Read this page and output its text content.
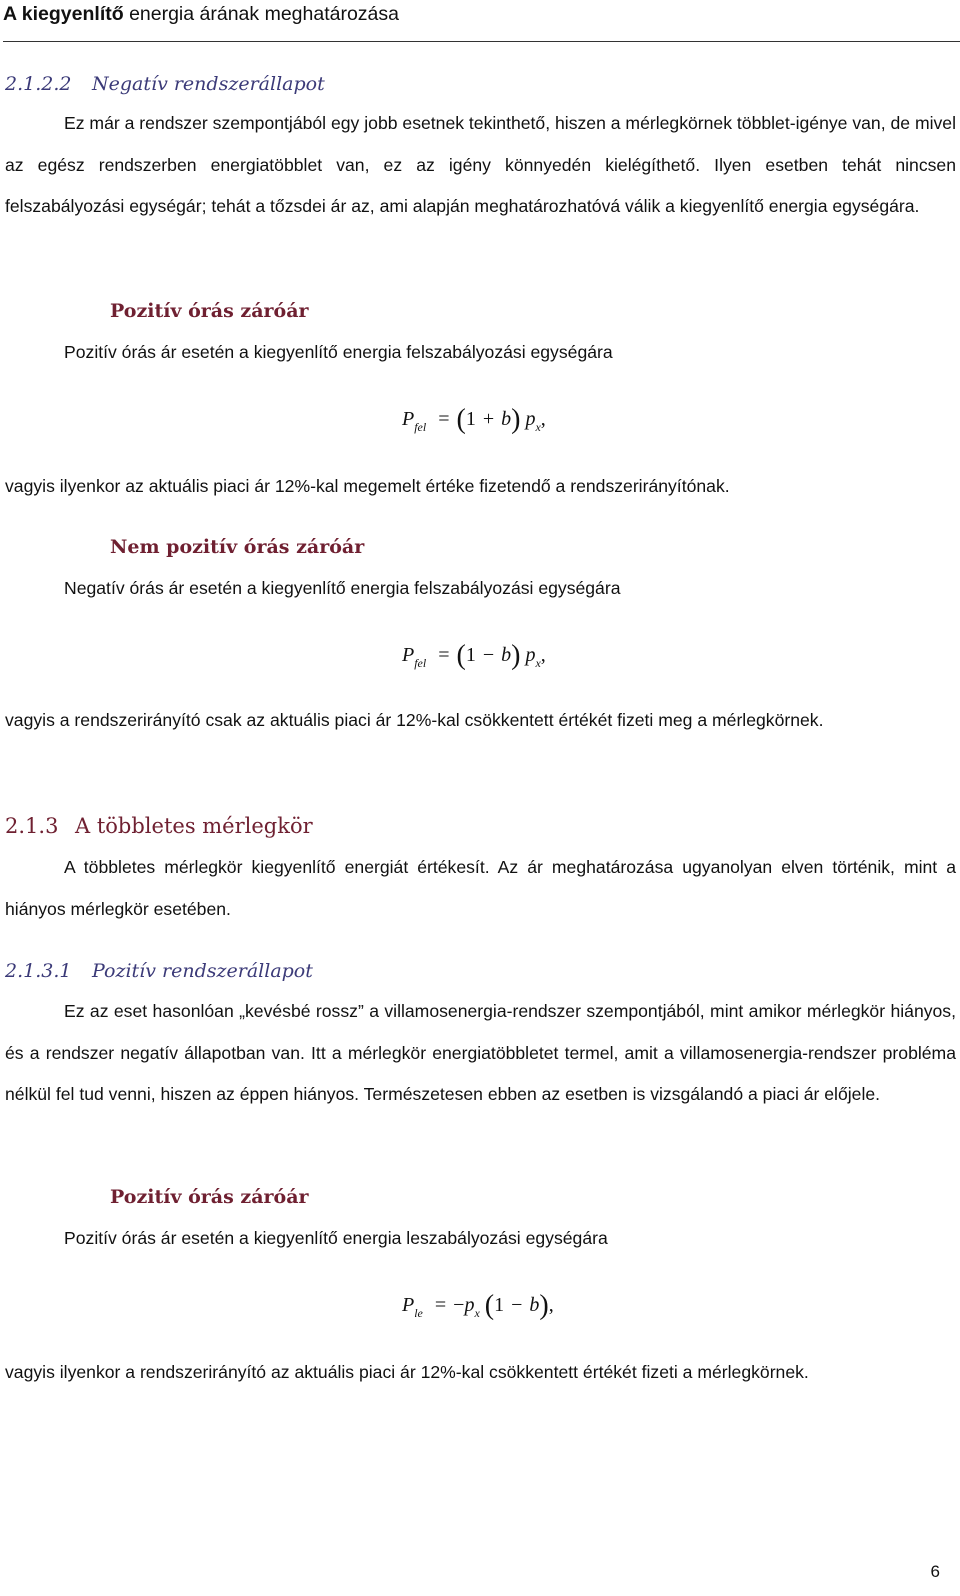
A kiegyenlítő energia árának meghatározása
2.1.2.2 Negatív rendszerállapot

Ez már a rendszer szempontjából egy jobb esetnek tekinthető, hiszen a mérlegkörnek többlet-igénye van, de mivel az egész rendszerben energiatöbblet van, ez az igény könnyedén kielégíthető. Ilyen esetben tehát nincsen felszabályozási egységár; tehát a tőzsdei ár az, ami alapján meghatározhatóvá válik a kiegyenlítő energia egységára.

Pozitív órás záróár
Pozitív órás ár esetén a kiegyenlítő energia felszabályozási egységára
$P_{fel} = (1 + b)$ $p_x$,
vagyis ilyenkor az aktuális piaci ár 12%-kal megemelt értéke fizetendő a rendszerirányítónak.
Nem pozitív órás záróár
Negatív órás ár esetén a kiegyenlítő energia felszabályozási egységára
$P_{fel} = (1 - b)$ $p_x$,

vagyis a rendszerirányító csak az aktuális piaci ár 12%-kal csökkentett értékét fizeti meg a mérlegkörnek.

2.1.3 A többletes mérlegkör

A többletes mérlegkör kiegyenlítő energiát értékesít. Az ár meghatározása ugyanolyan elven történik, mint a hiányos mérlegkör esetében.

2.1.3.1 Pozitív rendszerállapot

Ez az eset hasonlóan „kevésbé rossz” a villamosenergia-rendszer szempontjából, mint amikor mérlegkör hiányos, és a rendszer negatív állapotban van. Itt a mérlegkör energiatöbbletet termel, amit a villamosenergia-rendszer probléma nélkül fel tud venni, hiszen az éppen hiányos. Természetesen ebben az esetben is vizsgálandó a piaci ár előjele.

Pozitív órás záróár
Pozitív órás ár esetén a kiegyenlítő energia leszabályozási egységára
$P_{le} = -p_x$ (1 − b),

vagyis ilyenkor a rendszerirányító az aktuális piaci ár 12%-kal csökkentett értékét fizeti a mérlegkörnek.

6
